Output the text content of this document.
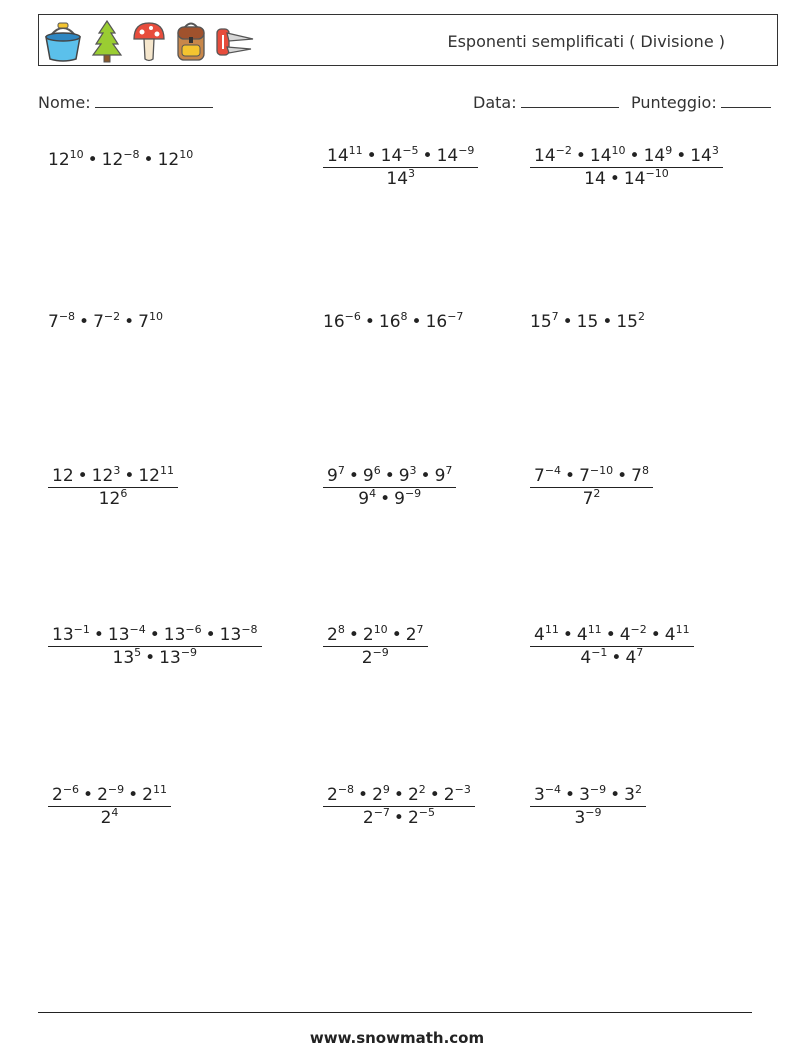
Esponenti semplificati ( Divisione )
Nome:	Data:	Punteggio:
$12^{10}$ • $12^{-8}$ • $12^{10}$	$\frac{14^{11} • 14^{-5} • 14^{-9}}{14^3}$	$\frac{14^{-2} • 14^{10} • 14^9 • 14^3}{14 • 14^{-10}}$
$7^{-8}$ • $7^{-2}$ • $7^{10}$	$16^{-6}$ • $16^8$ • $16^{-7}$	$15^7$ • 15 • $15^2$
$\frac{12 • 12^3 • 12^{11}}{12^6}$	$\frac{9^7 • 9^6 • 9^3 • 9^7}{9^4 • 9^{-9}}$	$\frac{7^{-4} • 7^{-10} • 7^8}{7^2}$
$\frac{13^{-1} • 13^{-4} • 13^{-6} • 13^{-8}}{13^5 • 13^{-9}}$	$\frac{2^8 • 2^{10} • 2^7}{2^{-9}}$	$\frac{4^{11} • 4^{11} • 4^{-2} • 4^{11}}{4^{-1} • 4^7}$
$\frac{2^{-6} • 2^{-9} • 2^{11}}{2^4}$	$\frac{2^{-8} • 2^9 • 2^2 • 2^{-3}}{2^{-7} • 2^{-5}}$	$\frac{3^{-4} • 3^{-9} • 3^2}{3^{-9}}$
www.snowmath.com
